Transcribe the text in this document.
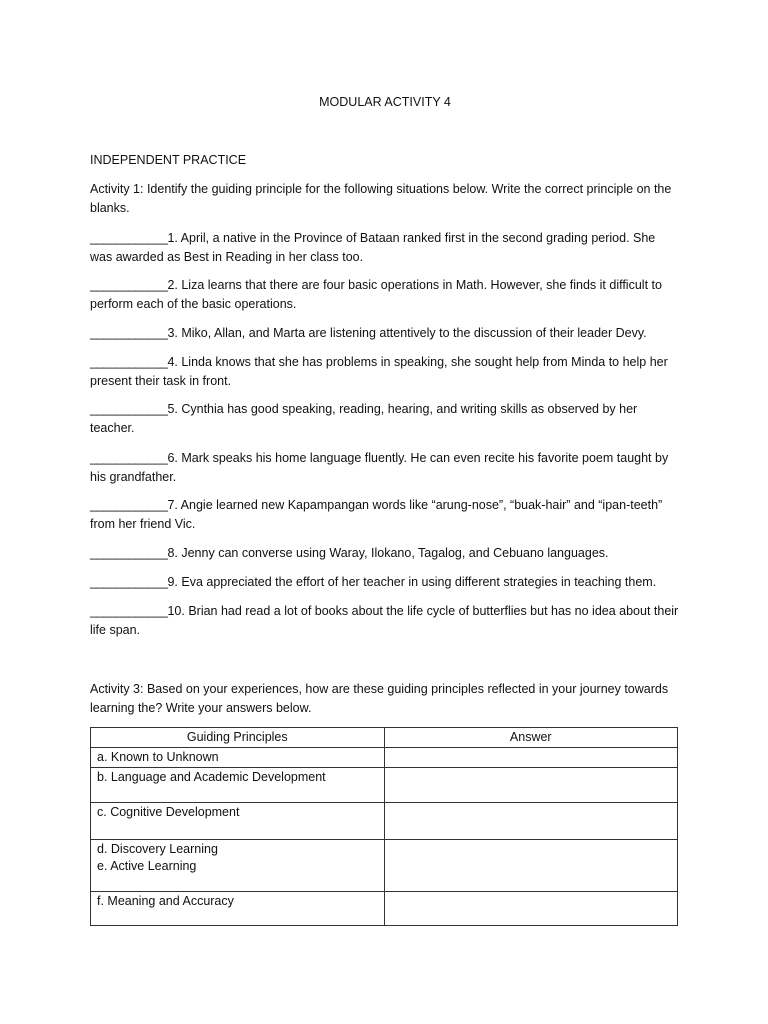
MODULAR ACTIVITY 4
INDEPENDENT PRACTICE

Activity 1: Identify the guiding principle for the following situations below. Write the correct principle on the blanks.

____________1. April, a native in the Province of Bataan ranked first in the second grading period. She was awarded as Best in Reading in her class too.
____________2. Liza learns that there are four basic operations in Math. However, she finds it difficult to perform each of the basic operations.
____________3. Miko, Allan, and Marta are listening attentively to the discussion of their leader Devy.
____________4. Linda knows that she has problems in speaking, she sought help from Minda to help her present their task in front.
____________5. Cynthia has good speaking, reading, hearing, and writing skills as observed by her teacher.
____________6. Mark speaks his home language fluently. He can even recite his favorite poem taught by his grandfather.
____________7. Angie learned new Kapampangan words like “arung-nose”, “buak-hair” and “ipan-teeth” from her friend Vic.
____________8. Jenny can converse using Waray, Ilokano, Tagalog, and Cebuano languages.
____________9. Eva appreciated the effort of her teacher in using different strategies in teaching them.
____________10. Brian had read a lot of books about the life cycle of butterflies but has no idea about their life span.

Activity 3: Based on your experiences, how are these guiding principles reflected in your journey towards learning the? Write your answers below.

Guiding Principles	Answer
a. Known to Unknown	
b. Language and Academic Development	
c. Cognitive Development	

d. Discovery Learning
e. Active Learning	

f. Meaning and Accuracy	
